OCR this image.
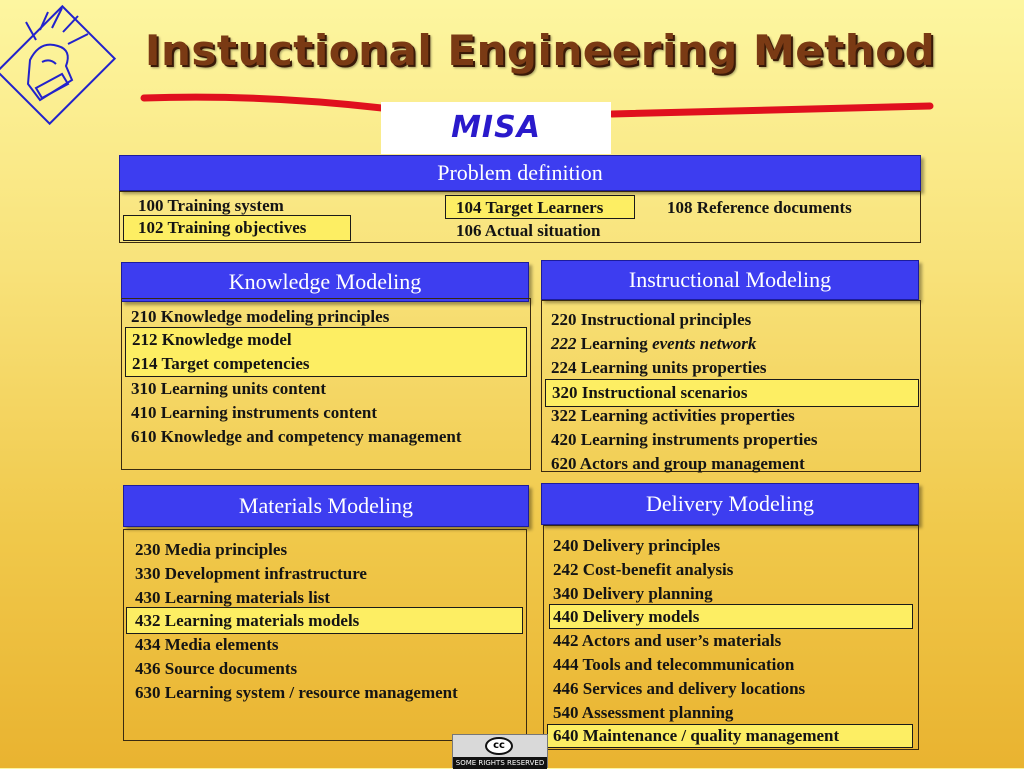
Instuctional Engineering Method
MISA
Problem definition
100 Training system
102 Training objectives
104 Target Learners
106 Actual situation
108 Reference documents
Knowledge Modeling
210 Knowledge modeling principles
212 Knowledge model
214 Target competencies
310 Learning units content
410 Learning instruments content
610 Knowledge and competency management
Instructional Modeling
220 Instructional principles
222 Learning events network
224 Learning units properties
320 Instructional scenarios
322 Learning activities properties
420 Learning instruments properties
620 Actors and group management
Materials Modeling
230 Media principles
330 Development infrastructure
430 Learning materials list
432 Learning materials models
434 Media elements
436 Source documents
630 Learning system / resource management
Delivery Modeling
240 Delivery principles
242 Cost-benefit analysis
340 Delivery planning
440 Delivery models
442 Actors and user’s materials
444 Tools and telecommunication
446 Services and delivery locations
540 Assessment planning
640 Maintenance / quality management
cc
SOME RIGHTS RESERVED
